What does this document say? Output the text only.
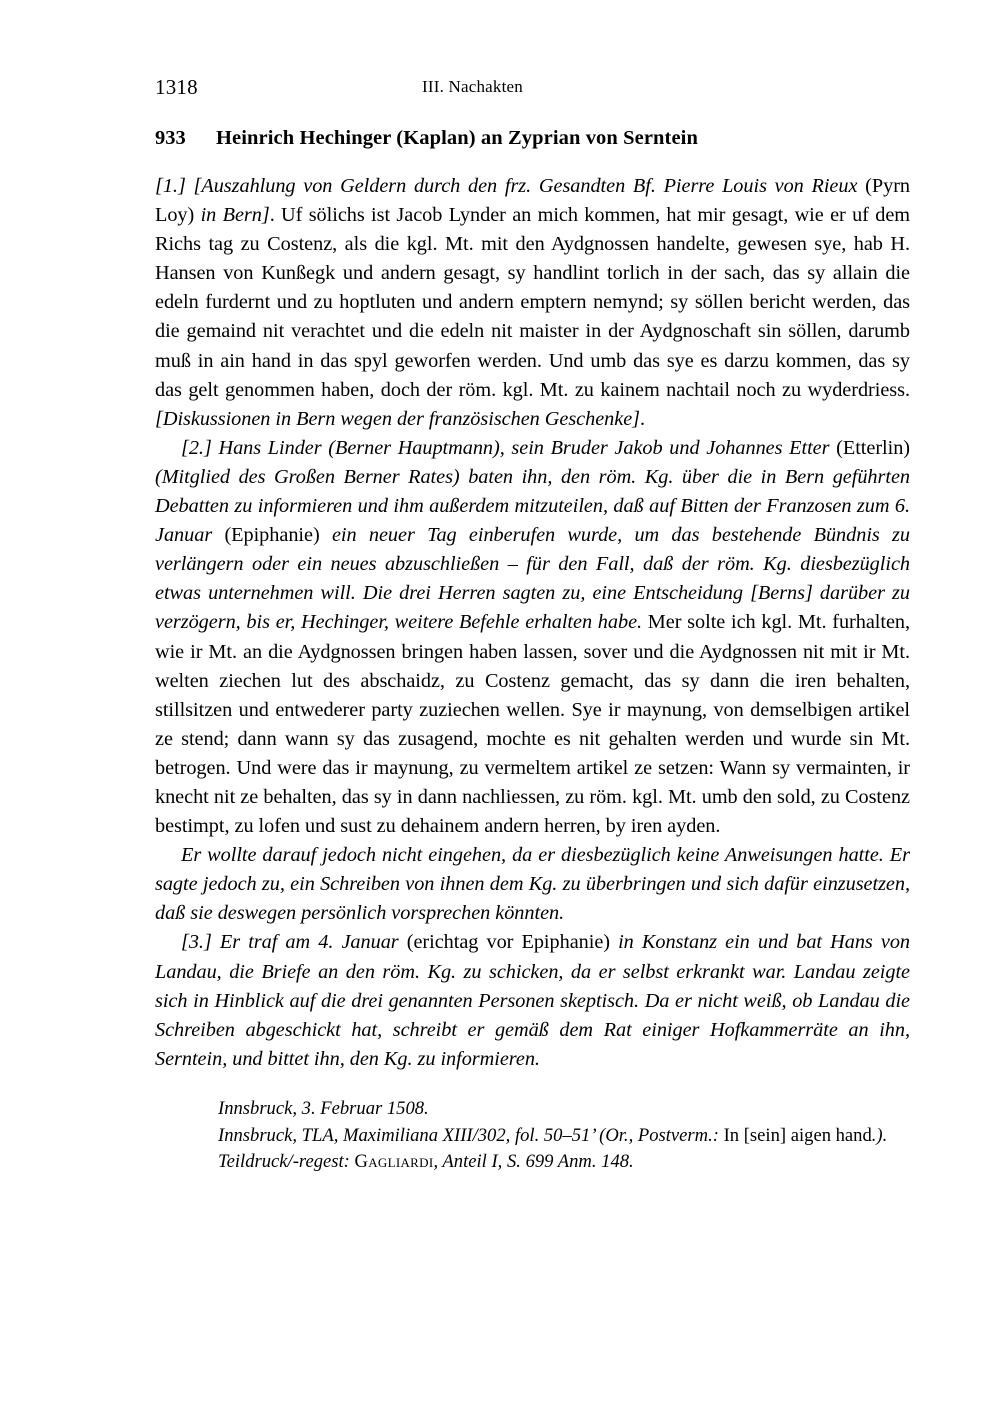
1318	III. Nachakten
933	Heinrich Hechinger (Kaplan) an Zyprian von Serntein

[1.] [Auszahlung von Geldern durch den frz. Gesandten Bf. Pierre Louis von Rieux (Pyrn Loy) in Bern]. Uf sölichs ist Jacob Lynder an mich kommen, hat mir gesagt, wie er uf dem Richs tag zu Costenz, als die kgl. Mt. mit den Aydgnossen handelte, gewesen sye, hab H. Hansen von Kunßegk und andern gesagt, sy handlint torlich in der sach, das sy allain die edeln furdernt und zu hoptluten und andern emptern nemynd; sy söllen bericht werden, das die gemaind nit verachtet und die edeln nit maister in der Aydgnoschaft sin söllen, darumb muß in ain hand in das spyl geworfen werden. Und umb das sye es darzu kommen, das sy das gelt genommen haben, doch der röm. kgl. Mt. zu kainem nachtail noch zu wyderdriess. [Diskussionen in Bern wegen der französischen Geschenke].

[2.] Hans Linder (Berner Hauptmann), sein Bruder Jakob und Johannes Etter (Etterlin) (Mitglied des Großen Berner Rates) baten ihn, den röm. Kg. über die in Bern geführten Debatten zu informieren und ihm außerdem mitzuteilen, daß auf Bitten der Franzosen zum 6. Januar (Epiphanie) ein neuer Tag einberufen wurde, um das bestehende Bündnis zu verlängern oder ein neues abzuschließen – für den Fall, daß der röm. Kg. diesbezüglich etwas unternehmen will. Die drei Herren sagten zu, eine Entscheidung [Berns] darüber zu verzögern, bis er, Hechinger, weitere Befehle erhalten habe. Mer solte ich kgl. Mt. furhalten, wie ir Mt. an die Aydgnossen bringen haben lassen, sover und die Aydgnossen nit mit ir Mt. welten ziechen lut des abschaidz, zu Costenz gemacht, das sy dann die iren behalten, stillsitzen und entwederer party zuziechen wellen. Sye ir maynung, von demselbigen artikel ze stend; dann wann sy das zusagend, mochte es nit gehalten werden und wurde sin Mt. betrogen. Und were das ir maynung, zu vermeltem artikel ze setzen: Wann sy vermainten, ir knecht nit ze behalten, das sy in dann nachliessen, zu röm. kgl. Mt. umb den sold, zu Costenz bestimpt, zu lofen und sust zu dehainem andern herren, by iren ayden.

Er wollte darauf jedoch nicht eingehen, da er diesbezüglich keine Anweisungen hatte. Er sagte jedoch zu, ein Schreiben von ihnen dem Kg. zu überbringen und sich dafür einzusetzen, daß sie deswegen persönlich vorsprechen könnten.

[3.] Er traf am 4. Januar (erichtag vor Epiphanie) in Konstanz ein und bat Hans von Landau, die Briefe an den röm. Kg. zu schicken, da er selbst erkrankt war. Landau zeigte sich in Hinblick auf die drei genannten Personen skeptisch. Da er nicht weiß, ob Landau die Schreiben abgeschickt hat, schreibt er gemäß dem Rat einiger Hofkammerräte an ihn, Serntein, und bittet ihn, den Kg. zu informieren.

Innsbruck, 3. Februar 1508.

Innsbruck, TLA, Maximiliana XIII/302, fol. 50–51’ (Or., Postverm.: In [sein] aigen hand.).

Teildruck/-regest: Gagliardi, Anteil I, S. 699 Anm. 148.
